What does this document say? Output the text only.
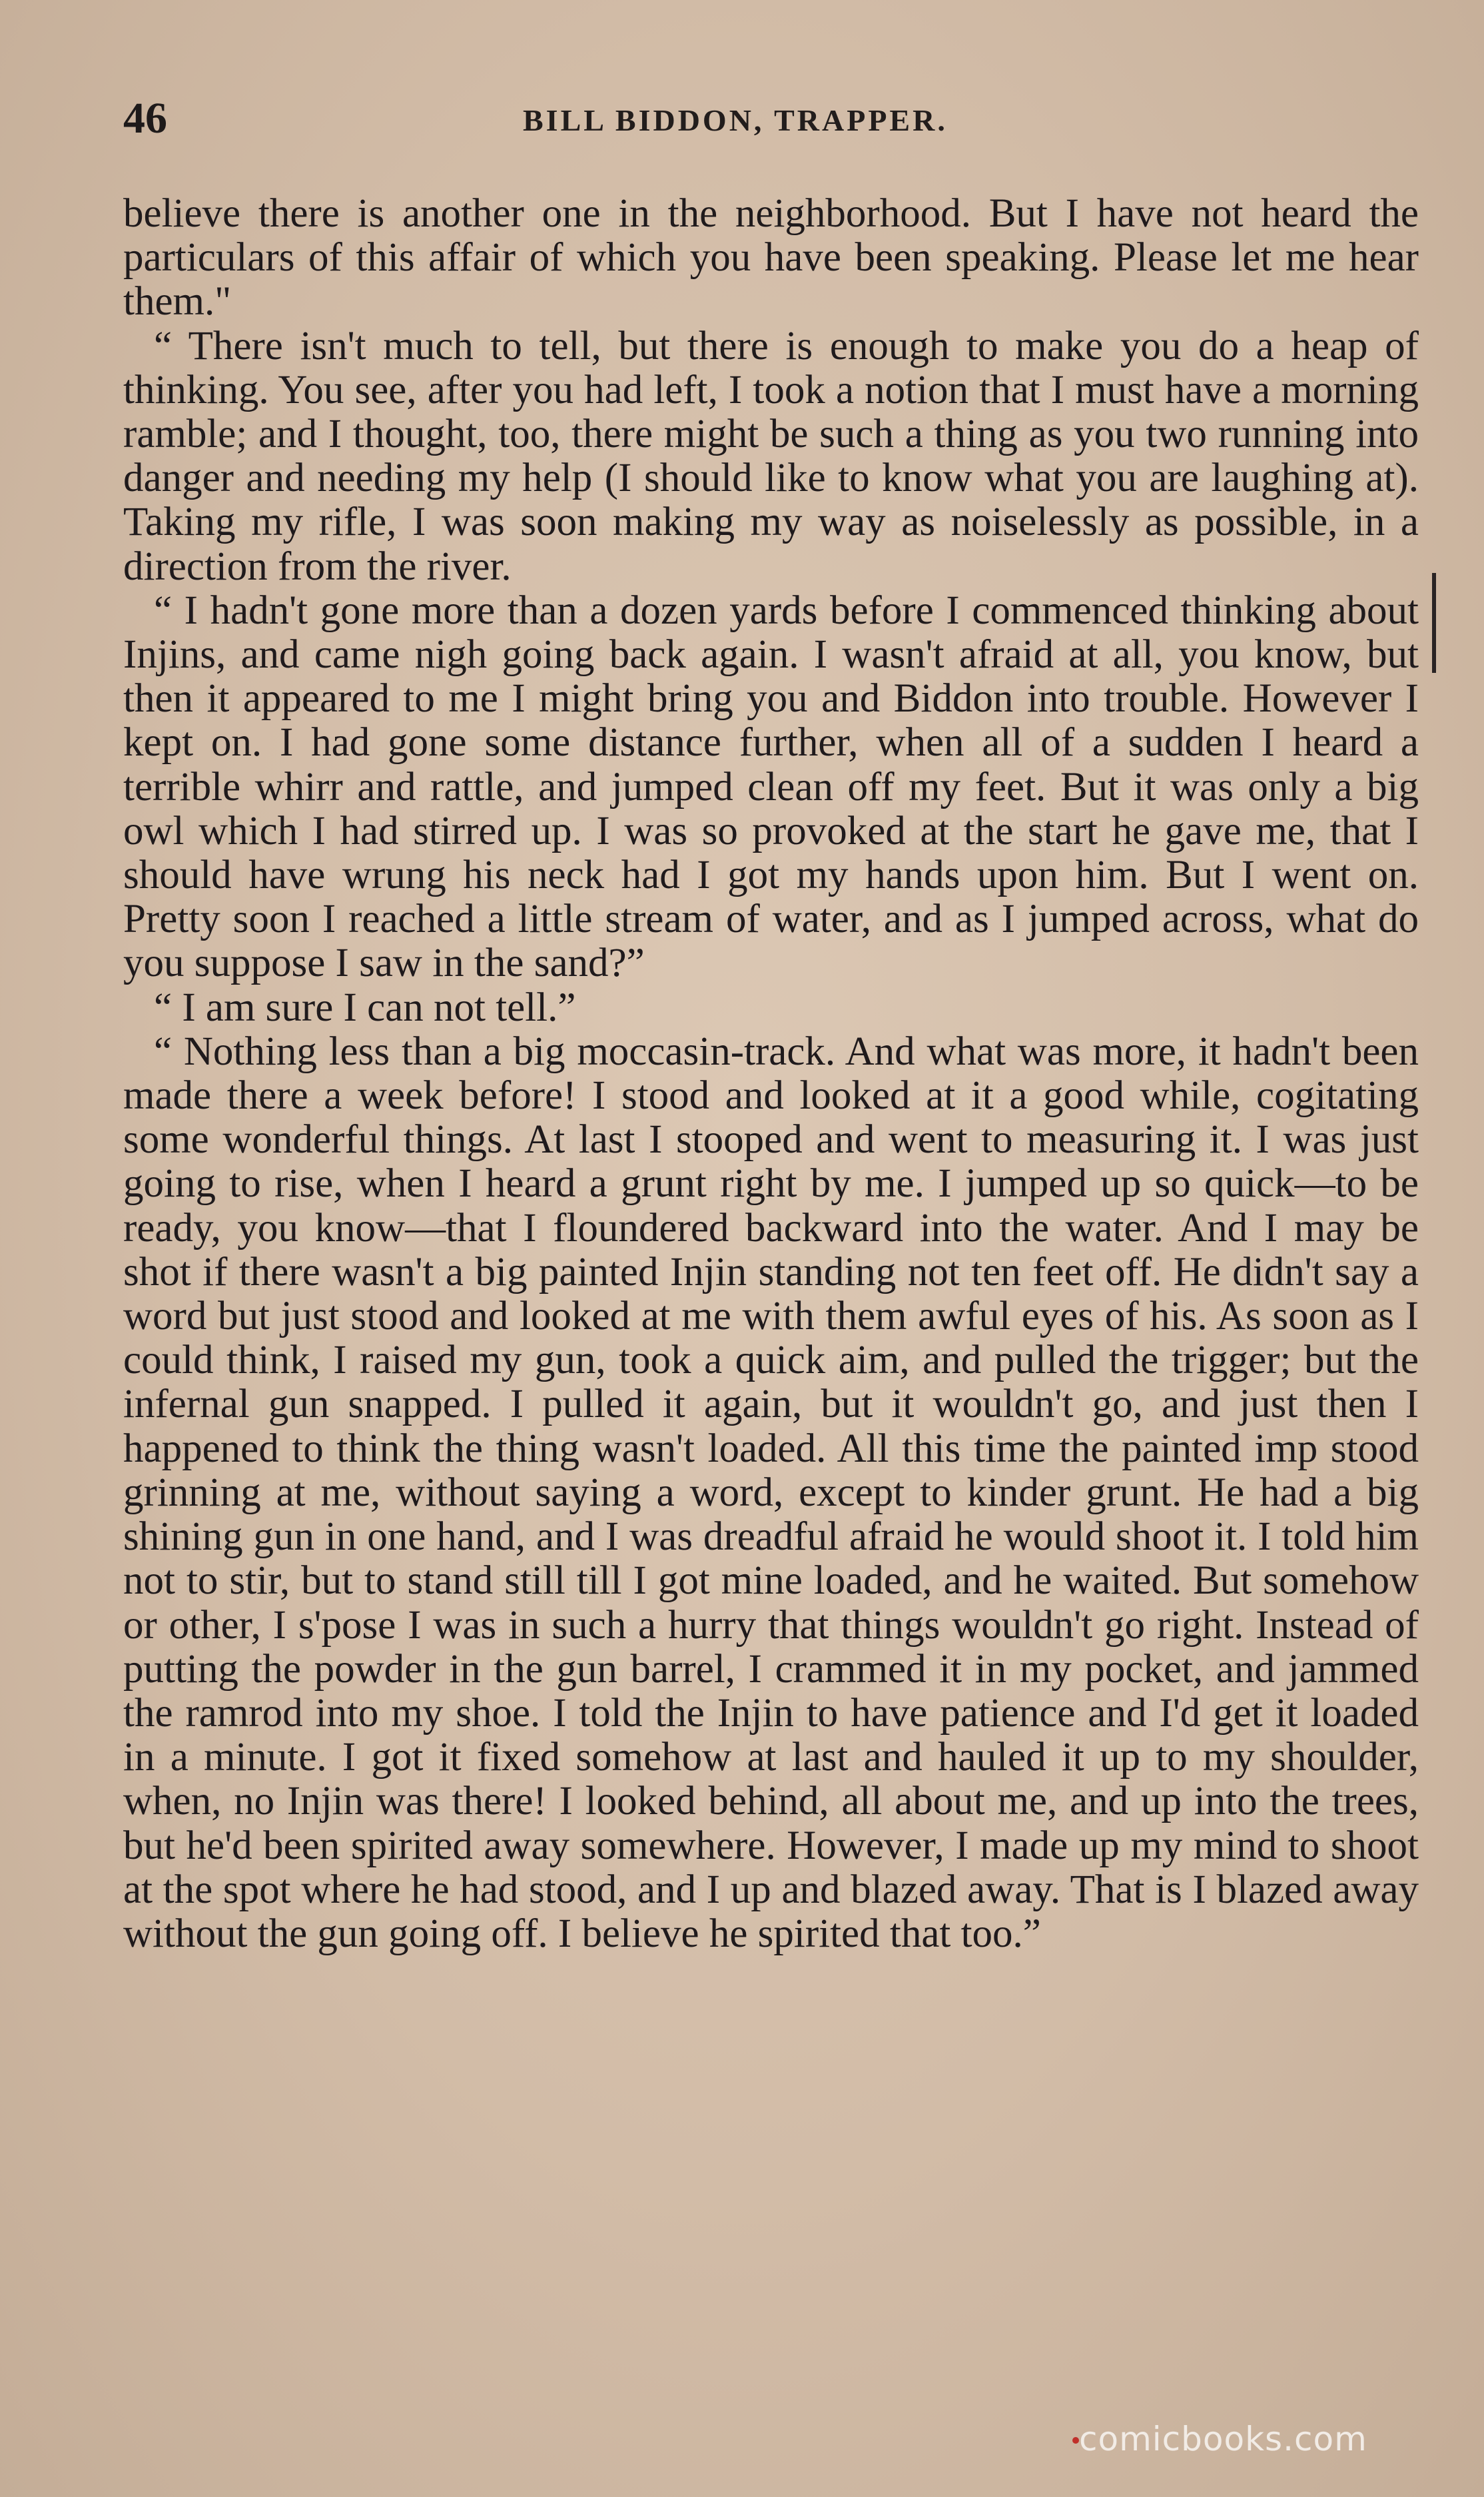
46	BILL BIDDON, TRAPPER.

believe there is another one in the neighborhood. But I have not heard the particulars of this affair of which you have been speaking. Please let me hear them."

“ There isn't much to tell, but there is enough to make you do a heap of thinking. You see, after you had left, I took a notion that I must have a morning ramble; and I thought, too, there might be such a thing as you two running into danger and needing my help (I should like to know what you are laughing at). Taking my rifle, I was soon making my way as noiselessly as possible, in a direction from the river.

“ I hadn't gone more than a dozen yards before I commenced thinking about Injins, and came nigh going back again. I wasn't afraid at all, you know, but then it appeared to me I might bring you and Biddon into trouble. However I kept on. I had gone some distance further, when all of a sudden I heard a terrible whirr and rattle, and jumped clean off my feet. But it was only a big owl which I had stirred up. I was so provoked at the start he gave me, that I should have wrung his neck had I got my hands upon him. But I went on. Pretty soon I reached a little stream of water, and as I jumped across, what do you suppose I saw in the sand?”

“ I am sure I can not tell.”

“ Nothing less than a big moccasin-track. And what was more, it hadn't been made there a week before! I stood and looked at it a good while, cogitating some wonderful things. At last I stooped and went to measuring it. I was just going to rise, when I heard a grunt right by me. I jumped up so quick—to be ready, you know—that I floundered backward into the water. And I may be shot if there wasn't a big painted Injin standing not ten feet off. He didn't say a word but just stood and looked at me with them awful eyes of his. As soon as I could think, I raised my gun, took a quick aim, and pulled the trigger; but the infernal gun snapped. I pulled it again, but it wouldn't go, and just then I happened to think the thing wasn't loaded. All this time the painted imp stood grinning at me, without saying a word, except to kinder grunt. He had a big shining gun in one hand, and I was dreadful afraid he would shoot it. I told him not to stir, but to stand still till I got mine loaded, and he waited. But somehow or other, I s'pose I was in such a hurry that things wouldn't go right. Instead of putting the powder in the gun barrel, I crammed it in my pocket, and jammed the ramrod into my shoe. I told the Injin to have patience and I'd get it loaded in a minute. I got it fixed somehow at last and hauled it up to my shoulder, when, no Injin was there! I looked behind, all about me, and up into the trees, but he'd been spirited away somewhere. However, I made up my mind to shoot at the spot where he had stood, and I up and blazed away. That is I blazed away without the gun going off. I believe he spirited that too.”

comicbooks.com
